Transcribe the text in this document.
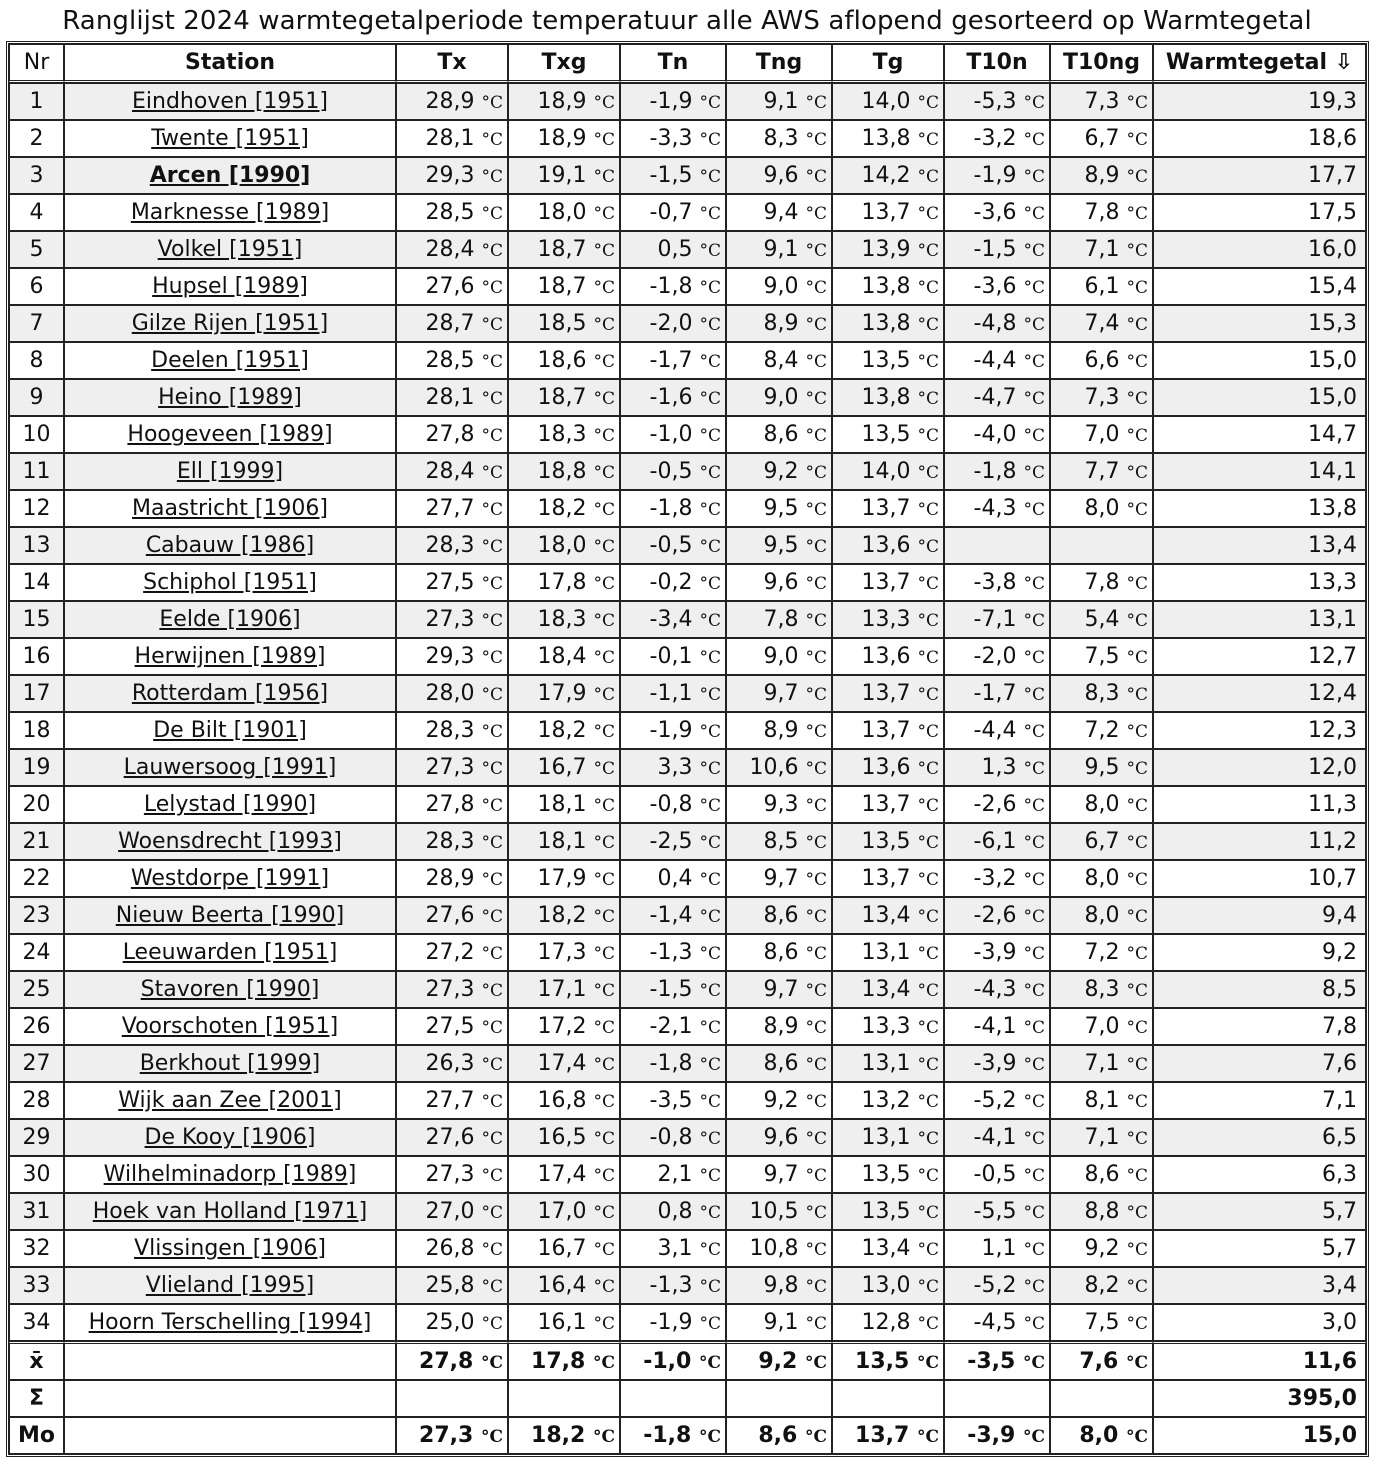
Ranglijst 2024 warmtegetalperiode temperatuur alle AWS aflopend gesorteerd op Warmtegetal
Nr	Station	Tx	Txg	Tn	Tng	Tg	T10n	T10ng	Warmtegetal ⇩
1	Eindhoven [1951]	28,9 °C	18,9 °C	-1,9 °C	9,1 °C	14,0 °C	-5,3 °C	7,3 °C	19,3
2	Twente [1951]	28,1 °C	18,9 °C	-3,3 °C	8,3 °C	13,8 °C	-3,2 °C	6,7 °C	18,6
3	Arcen [1990]	29,3 °C	19,1 °C	-1,5 °C	9,6 °C	14,2 °C	-1,9 °C	8,9 °C	17,7
4	Marknesse [1989]	28,5 °C	18,0 °C	-0,7 °C	9,4 °C	13,7 °C	-3,6 °C	7,8 °C	17,5
5	Volkel [1951]	28,4 °C	18,7 °C	0,5 °C	9,1 °C	13,9 °C	-1,5 °C	7,1 °C	16,0
6	Hupsel [1989]	27,6 °C	18,7 °C	-1,8 °C	9,0 °C	13,8 °C	-3,6 °C	6,1 °C	15,4
7	Gilze Rijen [1951]	28,7 °C	18,5 °C	-2,0 °C	8,9 °C	13,8 °C	-4,8 °C	7,4 °C	15,3
8	Deelen [1951]	28,5 °C	18,6 °C	-1,7 °C	8,4 °C	13,5 °C	-4,4 °C	6,6 °C	15,0
9	Heino [1989]	28,1 °C	18,7 °C	-1,6 °C	9,0 °C	13,8 °C	-4,7 °C	7,3 °C	15,0
10	Hoogeveen [1989]	27,8 °C	18,3 °C	-1,0 °C	8,6 °C	13,5 °C	-4,0 °C	7,0 °C	14,7
11	Ell [1999]	28,4 °C	18,8 °C	-0,5 °C	9,2 °C	14,0 °C	-1,8 °C	7,7 °C	14,1
12	Maastricht [1906]	27,7 °C	18,2 °C	-1,8 °C	9,5 °C	13,7 °C	-4,3 °C	8,0 °C	13,8
13	Cabauw [1986]	28,3 °C	18,0 °C	-0,5 °C	9,5 °C	13,6 °C			13,4
14	Schiphol [1951]	27,5 °C	17,8 °C	-0,2 °C	9,6 °C	13,7 °C	-3,8 °C	7,8 °C	13,3
15	Eelde [1906]	27,3 °C	18,3 °C	-3,4 °C	7,8 °C	13,3 °C	-7,1 °C	5,4 °C	13,1
16	Herwijnen [1989]	29,3 °C	18,4 °C	-0,1 °C	9,0 °C	13,6 °C	-2,0 °C	7,5 °C	12,7
17	Rotterdam [1956]	28,0 °C	17,9 °C	-1,1 °C	9,7 °C	13,7 °C	-1,7 °C	8,3 °C	12,4
18	De Bilt [1901]	28,3 °C	18,2 °C	-1,9 °C	8,9 °C	13,7 °C	-4,4 °C	7,2 °C	12,3
19	Lauwersoog [1991]	27,3 °C	16,7 °C	3,3 °C	10,6 °C	13,6 °C	1,3 °C	9,5 °C	12,0
20	Lelystad [1990]	27,8 °C	18,1 °C	-0,8 °C	9,3 °C	13,7 °C	-2,6 °C	8,0 °C	11,3
21	Woensdrecht [1993]	28,3 °C	18,1 °C	-2,5 °C	8,5 °C	13,5 °C	-6,1 °C	6,7 °C	11,2
22	Westdorpe [1991]	28,9 °C	17,9 °C	0,4 °C	9,7 °C	13,7 °C	-3,2 °C	8,0 °C	10,7
23	Nieuw Beerta [1990]	27,6 °C	18,2 °C	-1,4 °C	8,6 °C	13,4 °C	-2,6 °C	8,0 °C	9,4
24	Leeuwarden [1951]	27,2 °C	17,3 °C	-1,3 °C	8,6 °C	13,1 °C	-3,9 °C	7,2 °C	9,2
25	Stavoren [1990]	27,3 °C	17,1 °C	-1,5 °C	9,7 °C	13,4 °C	-4,3 °C	8,3 °C	8,5
26	Voorschoten [1951]	27,5 °C	17,2 °C	-2,1 °C	8,9 °C	13,3 °C	-4,1 °C	7,0 °C	7,8
27	Berkhout [1999]	26,3 °C	17,4 °C	-1,8 °C	8,6 °C	13,1 °C	-3,9 °C	7,1 °C	7,6
28	Wijk aan Zee [2001]	27,7 °C	16,8 °C	-3,5 °C	9,2 °C	13,2 °C	-5,2 °C	8,1 °C	7,1
29	De Kooy [1906]	27,6 °C	16,5 °C	-0,8 °C	9,6 °C	13,1 °C	-4,1 °C	7,1 °C	6,5
30	Wilhelminadorp [1989]	27,3 °C	17,4 °C	2,1 °C	9,7 °C	13,5 °C	-0,5 °C	8,6 °C	6,3
31	Hoek van Holland [1971]	27,0 °C	17,0 °C	0,8 °C	10,5 °C	13,5 °C	-5,5 °C	8,8 °C	5,7
32	Vlissingen [1906]	26,8 °C	16,7 °C	3,1 °C	10,8 °C	13,4 °C	1,1 °C	9,2 °C	5,7
33	Vlieland [1995]	25,8 °C	16,4 °C	-1,3 °C	9,8 °C	13,0 °C	-5,2 °C	8,2 °C	3,4
34	Hoorn Terschelling [1994]	25,0 °C	16,1 °C	-1,9 °C	9,1 °C	12,8 °C	-4,5 °C	7,5 °C	3,0
x̄		27,8 °C	17,8 °C	-1,0 °C	9,2 °C	13,5 °C	-3,5 °C	7,6 °C	11,6
Σ									395,0
Mo		27,3 °C	18,2 °C	-1,8 °C	8,6 °C	13,7 °C	-3,9 °C	8,0 °C	15,0
